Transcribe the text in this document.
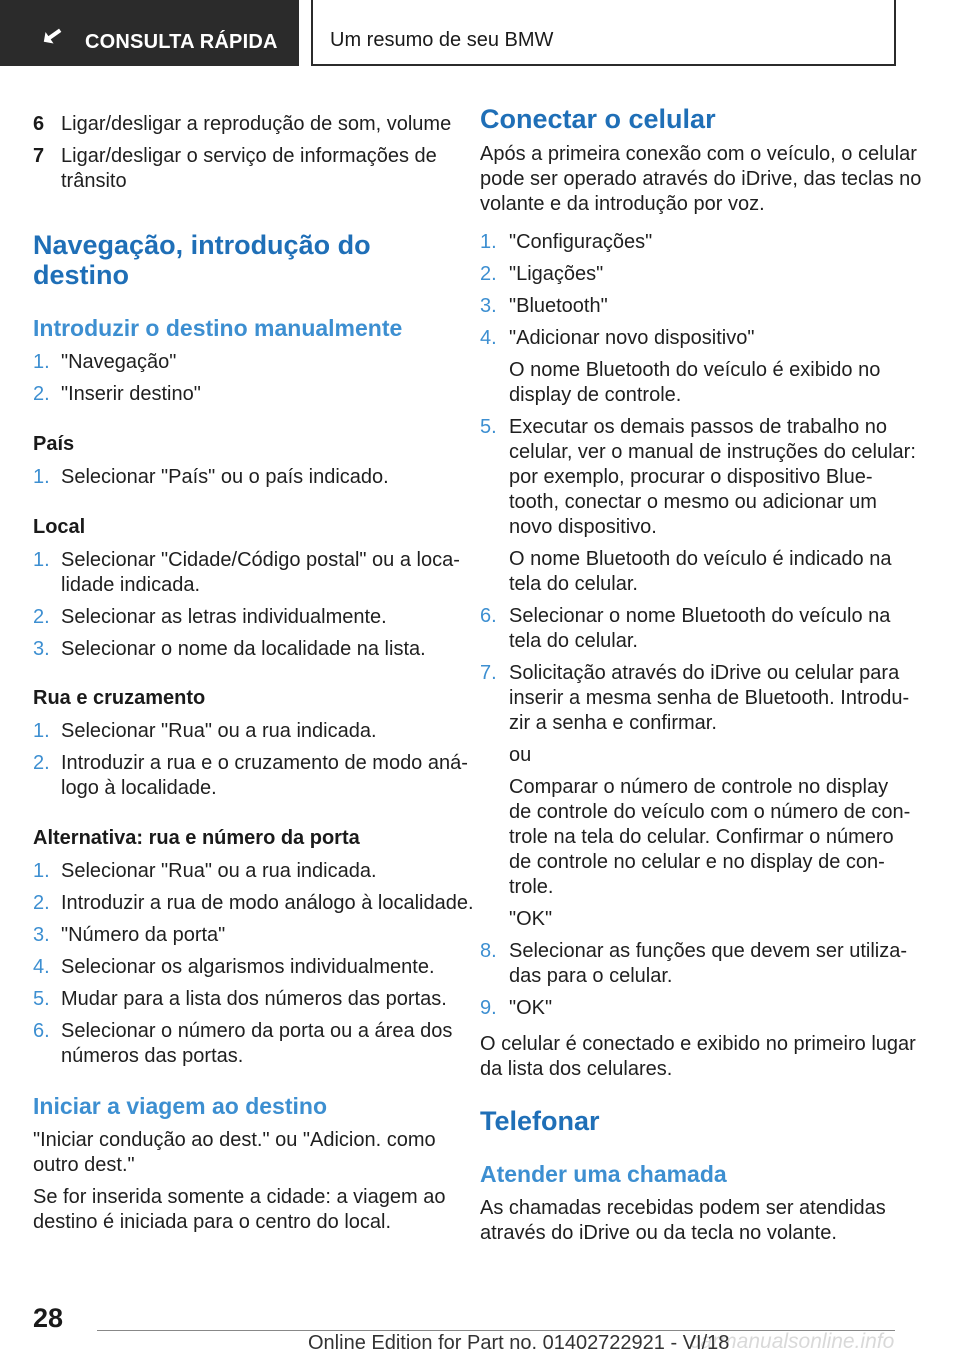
CONSULTA RÁPIDA	Um resumo de seu BMW
6 Ligar/desligar a reprodução de som, volume
7 Ligar/desligar o serviço de informações de
trânsito
Navegação, introdução do
destino
Introduzir o destino manualmente
1. "Navegação"
2. "Inserir destino"
País
1. Selecionar "País" ou o país indicado.
Local
1. Selecionar "Cidade/Código postal" ou a loca-
lidade indicada.
2. Selecionar as letras individualmente.
3. Selecionar o nome da localidade na lista.
Rua e cruzamento
1. Selecionar "Rua" ou a rua indicada.
2. Introduzir a rua e o cruzamento de modo aná-
logo à localidade.
Alternativa: rua e número da porta
1. Selecionar "Rua" ou a rua indicada.
2. Introduzir a rua de modo análogo à localidade.
3. "Número da porta"
4. Selecionar os algarismos individualmente.
5. Mudar para a lista dos números das portas.
6. Selecionar o número da porta ou a área dos
números das portas.
Iniciar a viagem ao destino
"Iniciar condução ao dest." ou "Adicion. como
outro dest."
Se for inserida somente a cidade: a viagem ao
destino é iniciada para o centro do local.
Conectar o celular
Após a primeira conexão com o veículo, o celular
pode ser operado através do iDrive, das teclas no
volante e da introdução por voz.
1. "Configurações"
2. "Ligações"
3. "Bluetooth"
4. "Adicionar novo dispositivo"
O nome Bluetooth do veículo é exibido no
display de controle.
5. Executar os demais passos de trabalho no
celular, ver o manual de instruções do celular:
por exemplo, procurar o dispositivo Blue-
tooth, conectar o mesmo ou adicionar um
novo dispositivo.
O nome Bluetooth do veículo é indicado na
tela do celular.
6. Selecionar o nome Bluetooth do veículo na
tela do celular.
7. Solicitação através do iDrive ou celular para
inserir a mesma senha de Bluetooth. Introdu-
zir a senha e confirmar.
ou
Comparar o número de controle no display
de controle do veículo com o número de con-
trole na tela do celular. Confirmar o número
de controle no celular e no display de con-
trole.
"OK"
8. Selecionar as funções que devem ser utiliza-
das para o celular.
9. "OK"
O celular é conectado e exibido no primeiro lugar
da lista dos celulares.
Telefonar
Atender uma chamada
As chamadas recebidas podem ser atendidas
através do iDrive ou da tecla no volante.
28
carmanualsonline.info
Online Edition for Part no. 01402722921 - VI/18
